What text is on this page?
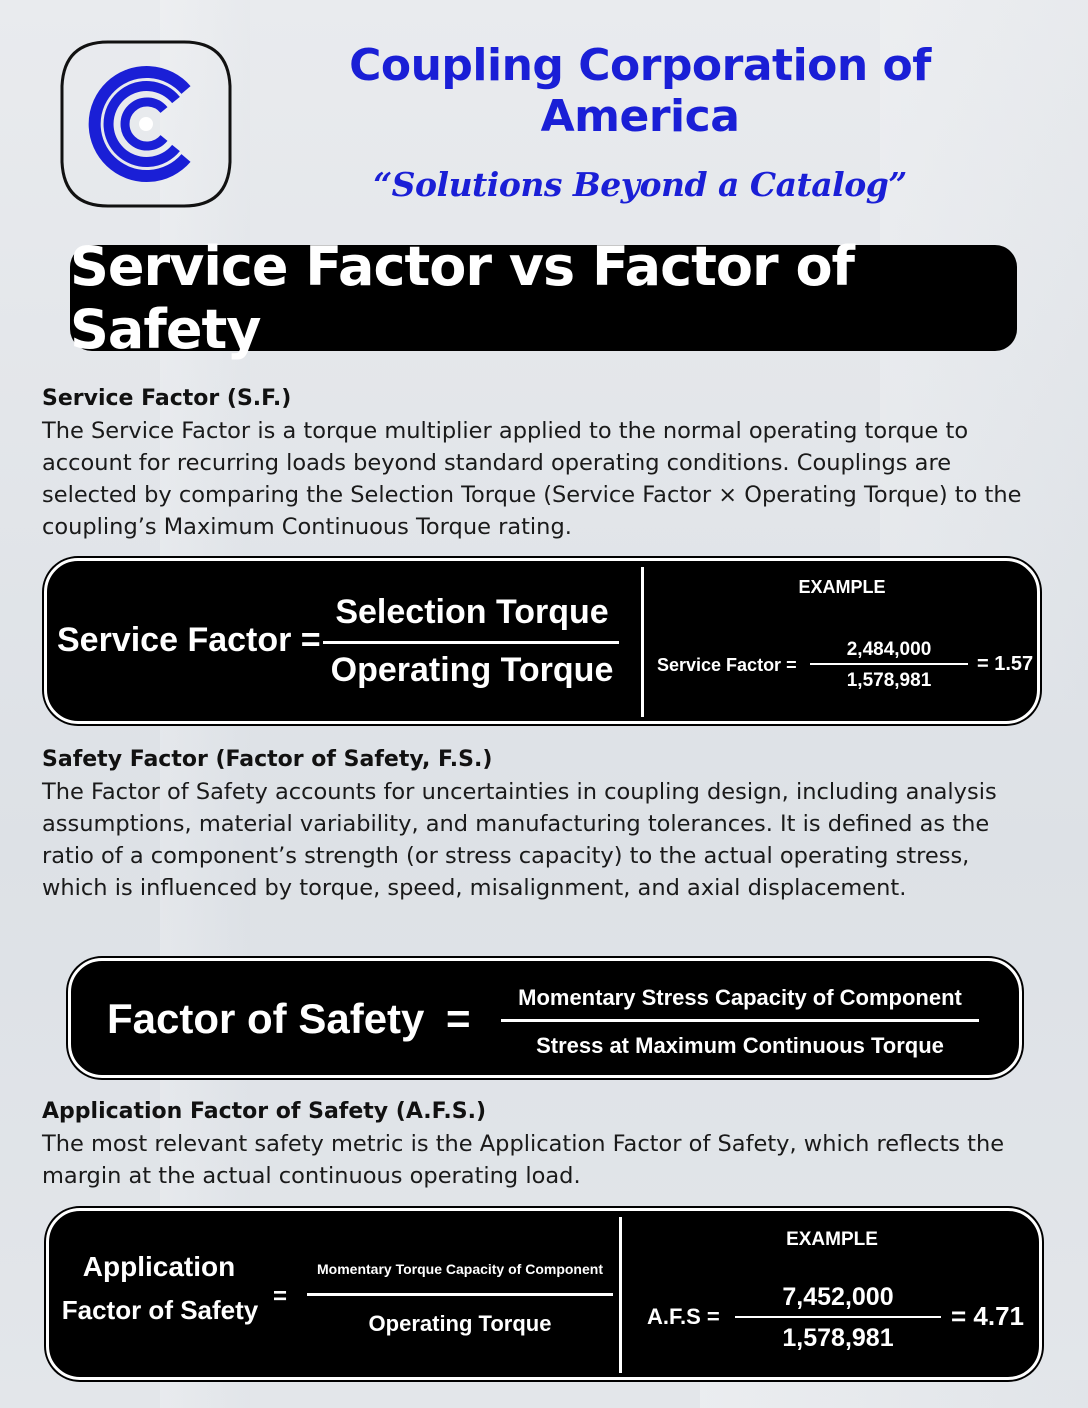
Coupling Corporation of America
“Solutions Beyond a Catalog”
Service Factor vs Factor of Safety
Service Factor (S.F.)

The Service Factor is a torque multiplier applied to the normal operating torque to account for recurring loads beyond standard operating conditions. Couplings are selected by comparing the Selection Torque (Service Factor × Operating Torque) to the coupling’s Maximum Continuous Torque rating.

Service Factor =
Selection Torque
Operating Torque
EXAMPLE
Service Factor =
2,484,000
1,578,981
= 1.57
Safety Factor (Factor of Safety, F.S.)

The Factor of Safety accounts for uncertainties in coupling design, including analysis assumptions, material variability, and manufacturing tolerances. It is defined as the ratio of a component’s strength (or stress capacity) to the actual operating stress, which is influenced by torque, speed, misalignment, and axial displacement.

Factor of Safety =	Momentary Stress Capacity of Component
Stress at Maximum Continuous Torque
Application Factor of Safety (A.F.S.)

The most relevant safety metric is the Application Factor of Safety, which reflects the margin at the actual continuous operating load.

Application
Factor of Safety =
Momentary Torque Capacity of Component
Operating Torque
EXAMPLE
A.F.S =
7,452,000
1,578,981
= 4.71
